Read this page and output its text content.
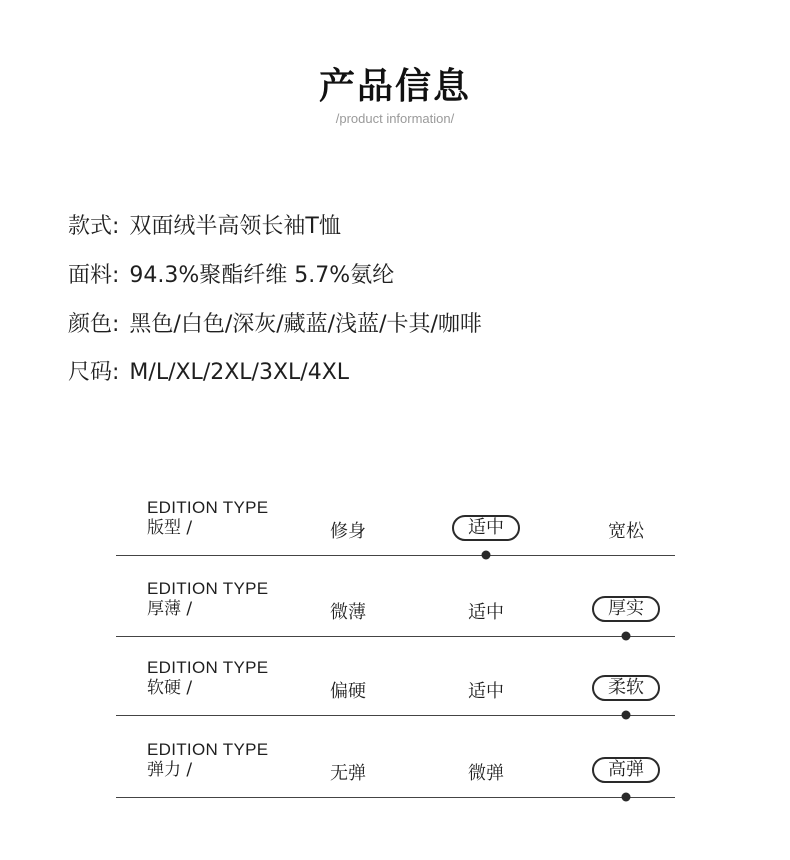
产品信息
/product information/
款式: 双面绒半高领长袖T恤
面料: 94.3%聚酯纤维 5.7%氨纶
颜色: 黑色/白色/深灰/藏蓝/浅蓝/卡其/咖啡
尺码: M/L/XL/2XL/3XL/4XL
EDITION TYPE
版型 /	修身	适中	宽松
EDITION TYPE
厚薄 /	微薄	适中	厚实
EDITION TYPE
软硬 /	偏硬	适中	柔软
EDITION TYPE
弹力 /	无弹	微弹	高弹
